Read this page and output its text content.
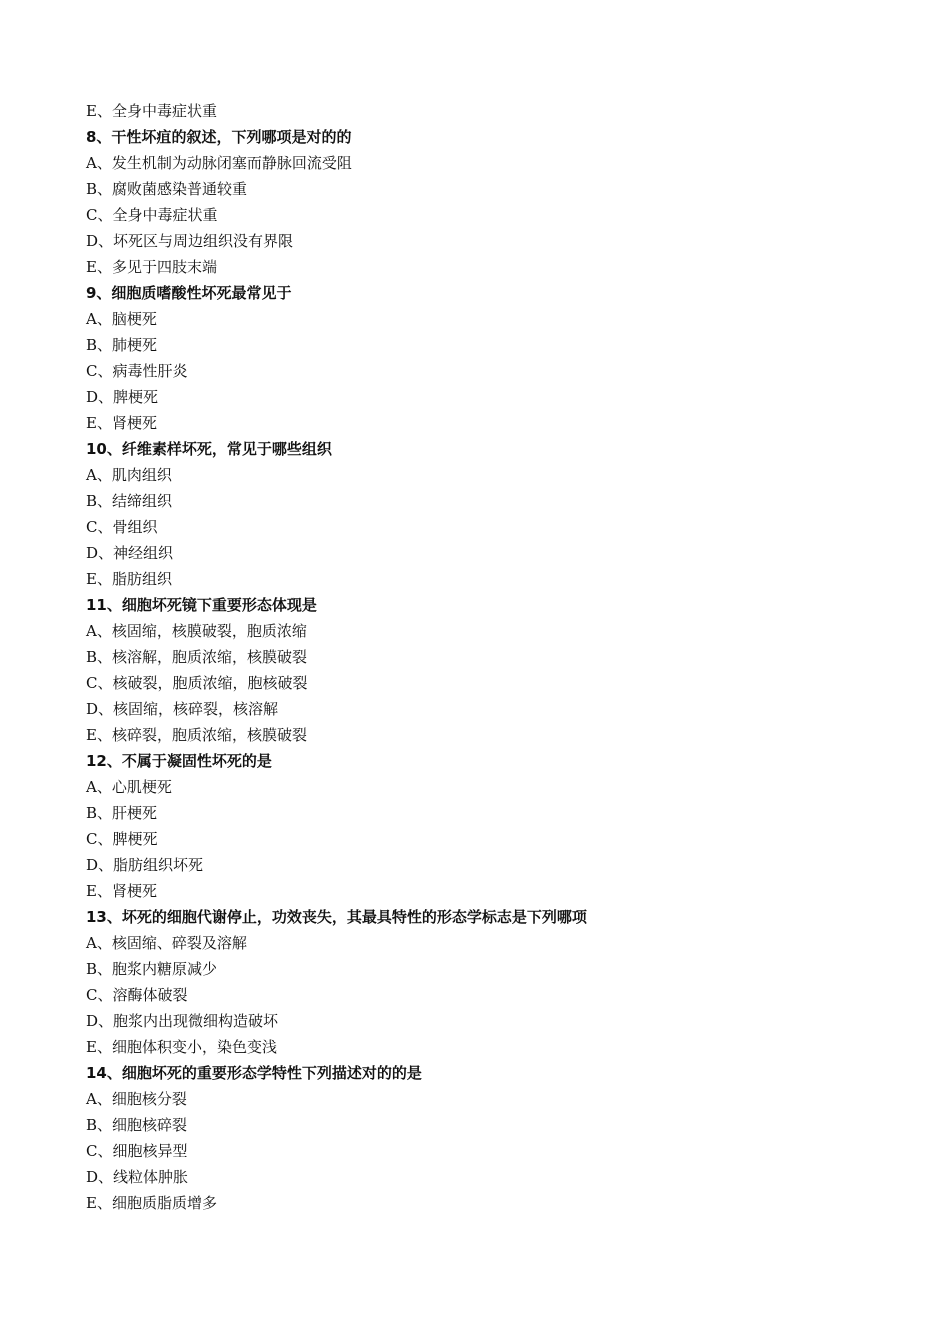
E、全身中毒症状重
8、干性坏疽的叙述，下列哪项是对的的
A、发生机制为动脉闭塞而静脉回流受阻
B、腐败菌感染普通较重
C、全身中毒症状重
D、坏死区与周边组织没有界限
E、多见于四肢末端
9、细胞质嗜酸性坏死最常见于
A、脑梗死
B、肺梗死
C、病毒性肝炎
D、脾梗死
E、肾梗死
10、纤维素样坏死，常见于哪些组织
A、肌肉组织
B、结缔组织
C、骨组织
D、神经组织
E、脂肪组织
11、细胞坏死镜下重要形态体现是
A、核固缩，核膜破裂，胞质浓缩
B、核溶解，胞质浓缩，核膜破裂
C、核破裂，胞质浓缩，胞核破裂
D、核固缩，核碎裂，核溶解
E、核碎裂，胞质浓缩，核膜破裂
12、不属于凝固性坏死的是
A、心肌梗死
B、肝梗死
C、脾梗死
D、脂肪组织坏死
E、肾梗死
13、坏死的细胞代谢停止，功效丧失，其最具特性的形态学标志是下列哪项
A、核固缩、碎裂及溶解
B、胞浆内糖原减少
C、溶酶体破裂
D、胞浆内出现微细构造破坏
E、细胞体积变小，染色变浅
14、细胞坏死的重要形态学特性下列描述对的的是
A、细胞核分裂
B、细胞核碎裂
C、细胞核异型
D、线粒体肿胀
E、细胞质脂质增多
